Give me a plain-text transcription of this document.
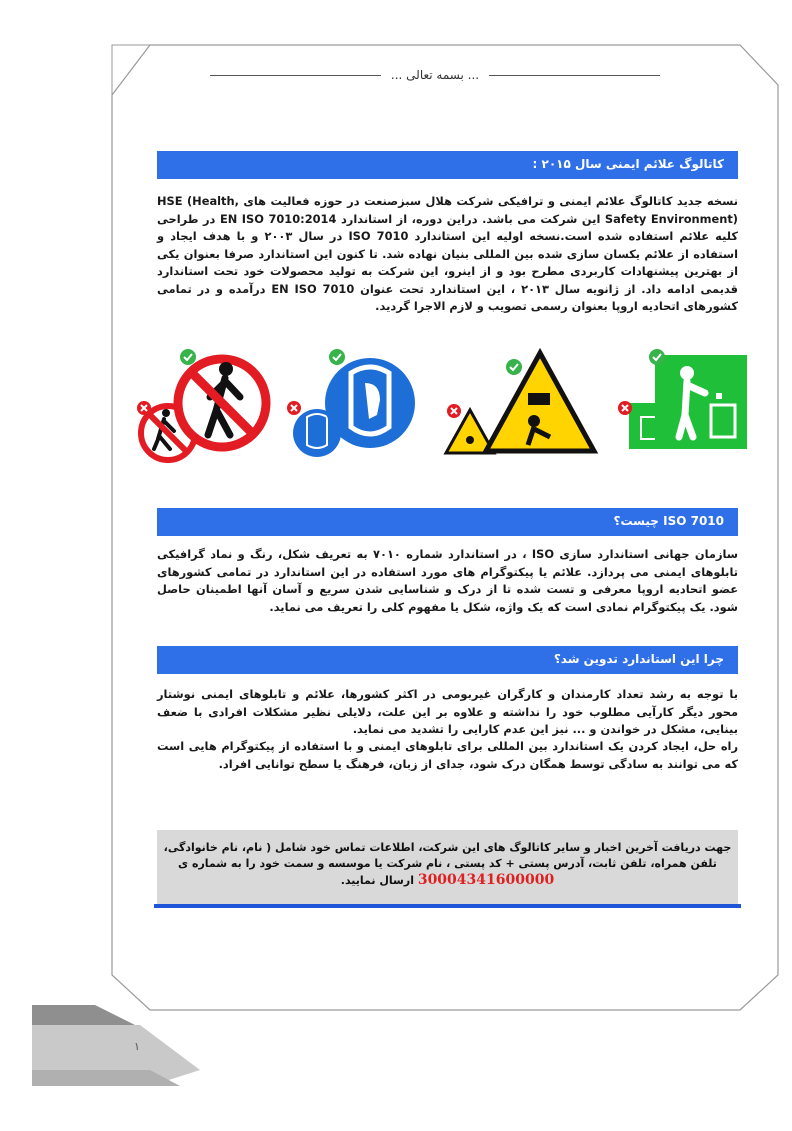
... بسمه تعالی ...
کاتالوگ علائم ایمنی سال ۲۰۱۵ :
نسخه جدید کاتالوگ علائم ایمنی و ترافیکی شرکت هلال سبزصنعت در حوزه فعالیت های HSE (Health, Safety Environment) این شرکت می باشد. دراین دوره، از استاندارد EN ISO 7010:2014 در طراحی کلیه علائم استفاده شده است.نسخه اولیه این استاندارد ISO 7010 در سال ۲۰۰۳ و با هدف ایجاد و استفاده از علائم یکسان سازی شده بین المللی بنیان نهاده شد. تا کنون این استاندارد صرفا بعنوان یکی از بهترین پیشنهادات کاربردی مطرح بود و از اینرو، این شرکت به تولید محصولات خود تحت استاندارد قدیمی ادامه داد. از ژانویه سال ۲۰۱۳ ، این استاندارد تحت عنوان EN ISO 7010 درآمده و در تمامی کشورهای اتحادیه اروپا بعنوان رسمی تصویب و لازم الاجرا گردید.
ISO 7010 چیست؟
سازمان جهانی استاندارد سازی ISO ، در استاندارد شماره ۷۰۱۰ به تعریف شکل، رنگ و نماد گرافیکی تابلوهای ایمنی می پردازد. علائم یا پیکتوگرام های مورد استفاده در این استاندارد در تمامی کشورهای عضو اتحادیه اروپا معرفی و تست شده تا از درک و شناسایی شدن سریع و آسان آنها اطمینان حاصل شود. یک پیکتوگرام نمادی است که یک واژه، شکل یا مفهوم کلی را تعریف می نماید.
چرا این استاندارد تدوین شد؟
با توجه به رشد تعداد کارمندان و کارگران غیربومی در اکثر کشورها، علائم و تابلوهای ایمنی نوشتار محور دیگر کارآیی مطلوب خود را نداشته و علاوه بر این علت، دلایلی نظیر مشکلات افرادی با ضعف بینایی، مشکل در خواندن و ... نیز این عدم کارایی را تشدید می نماید.
راه حل، ایجاد کردن یک استاندارد بین المللی برای تابلوهای ایمنی و با استفاده از پیکتوگرام هایی است که می توانند به سادگی توسط همگان درک شود، جدای از زبان، فرهنگ یا سطح توانایی افراد.
جهت دریافت آخرین اخبار و سایر کاتالوگ های این شرکت، اطلاعات تماس خود شامل ( نام، نام خانوادگی،
تلفن همراه، تلفن ثابت، آدرس پستی + کد پستی ، نام شرکت یا موسسه و سمت خود را به شماره ی
30004341600000 ارسال نمایید.
۱
